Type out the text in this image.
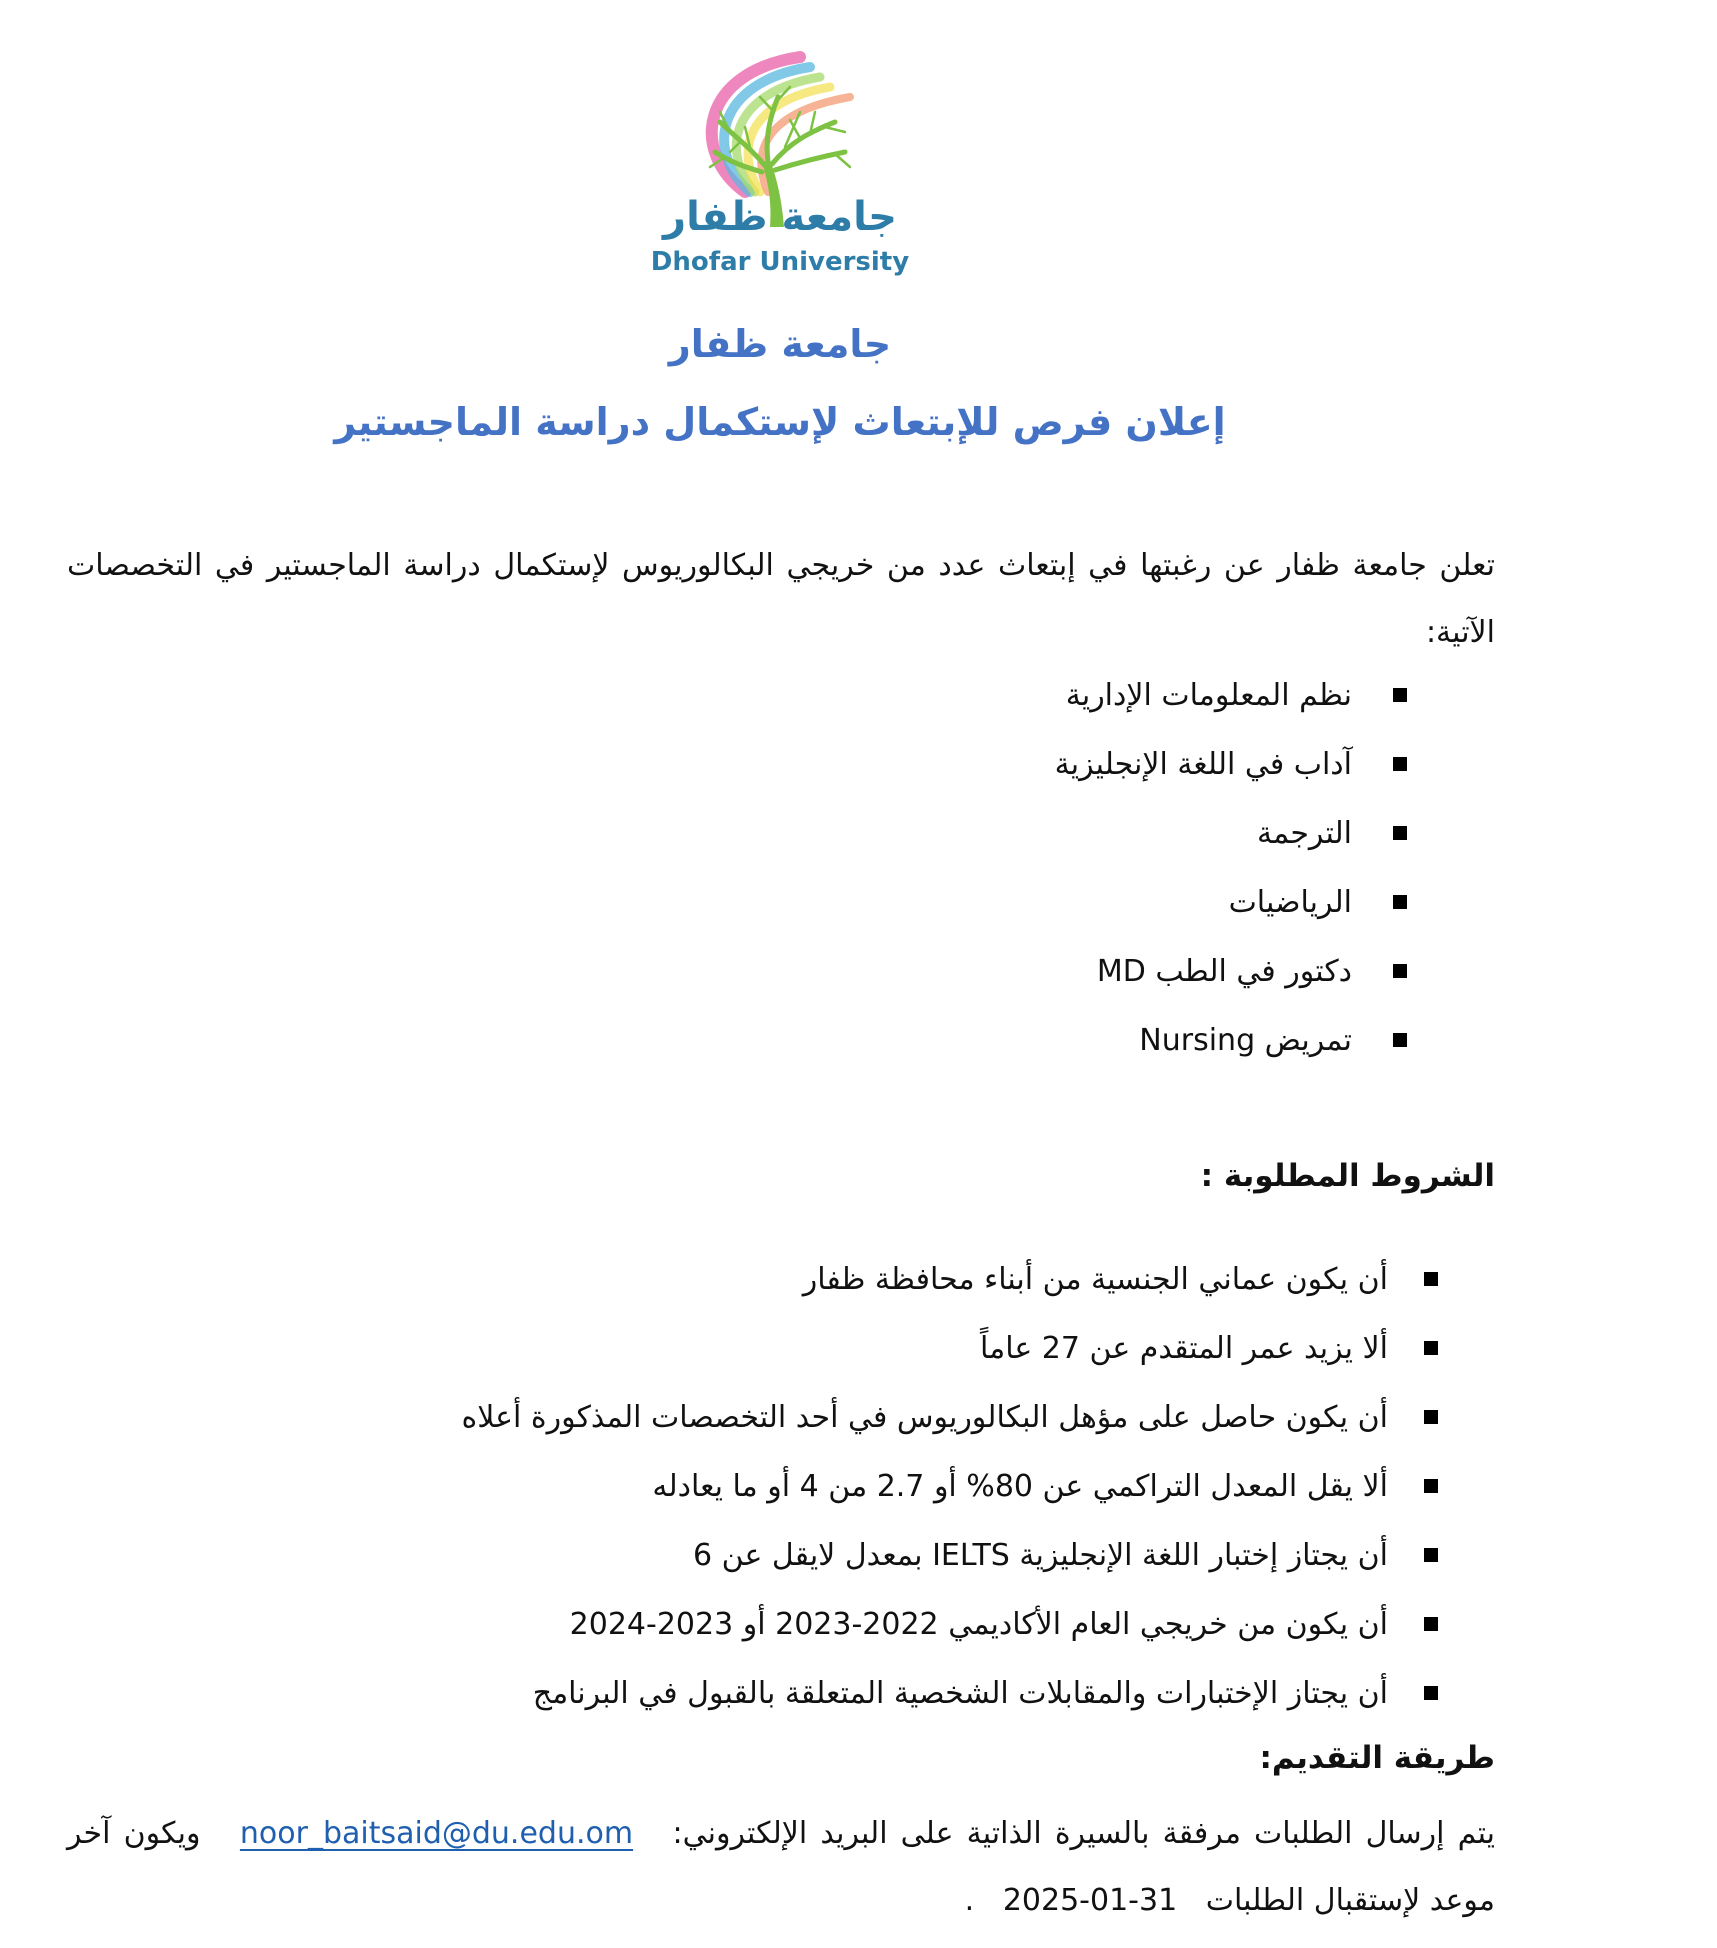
جامعة ظفار
Dhofar University
جامعة ظفار
إعلان فرص للإبتعاث لإستكمال دراسة الماجستير
تعلن جامعة ظفار عن رغبتها في إبتعاث عدد من خريجي البكالوريوس لإستكمال دراسة الماجستير في التخصصات الآتية:
نظم المعلومات الإدارية
آداب في اللغة الإنجليزية
الترجمة
الرياضيات
دكتور في الطب MD
تمريض Nursing
الشروط المطلوبة :
أن يكون عماني الجنسية من أبناء محافظة ظفار
ألا يزيد عمر المتقدم عن 27 عاماً
أن يكون حاصل على مؤهل البكالوريوس في أحد التخصصات المذكورة أعلاه
ألا يقل المعدل التراكمي عن 80% أو 2.7 من 4 أو ما يعادله
أن يجتاز إختبار اللغة الإنجليزية IELTS بمعدل لايقل عن 6
أن يكون من خريجي العام الأكاديمي 2022-2023 أو 2023-2024
أن يجتاز الإختبارات والمقابلات الشخصية المتعلقة بالقبول في البرنامج
طريقة التقديم:
يتم إرسال الطلبات مرفقة بالسيرة الذاتية على البريد الإلكتروني:   noor_baitsaid@du.edu.om   ويكون آخر موعد لإستقبال الطلبات   2025-01-31   .
